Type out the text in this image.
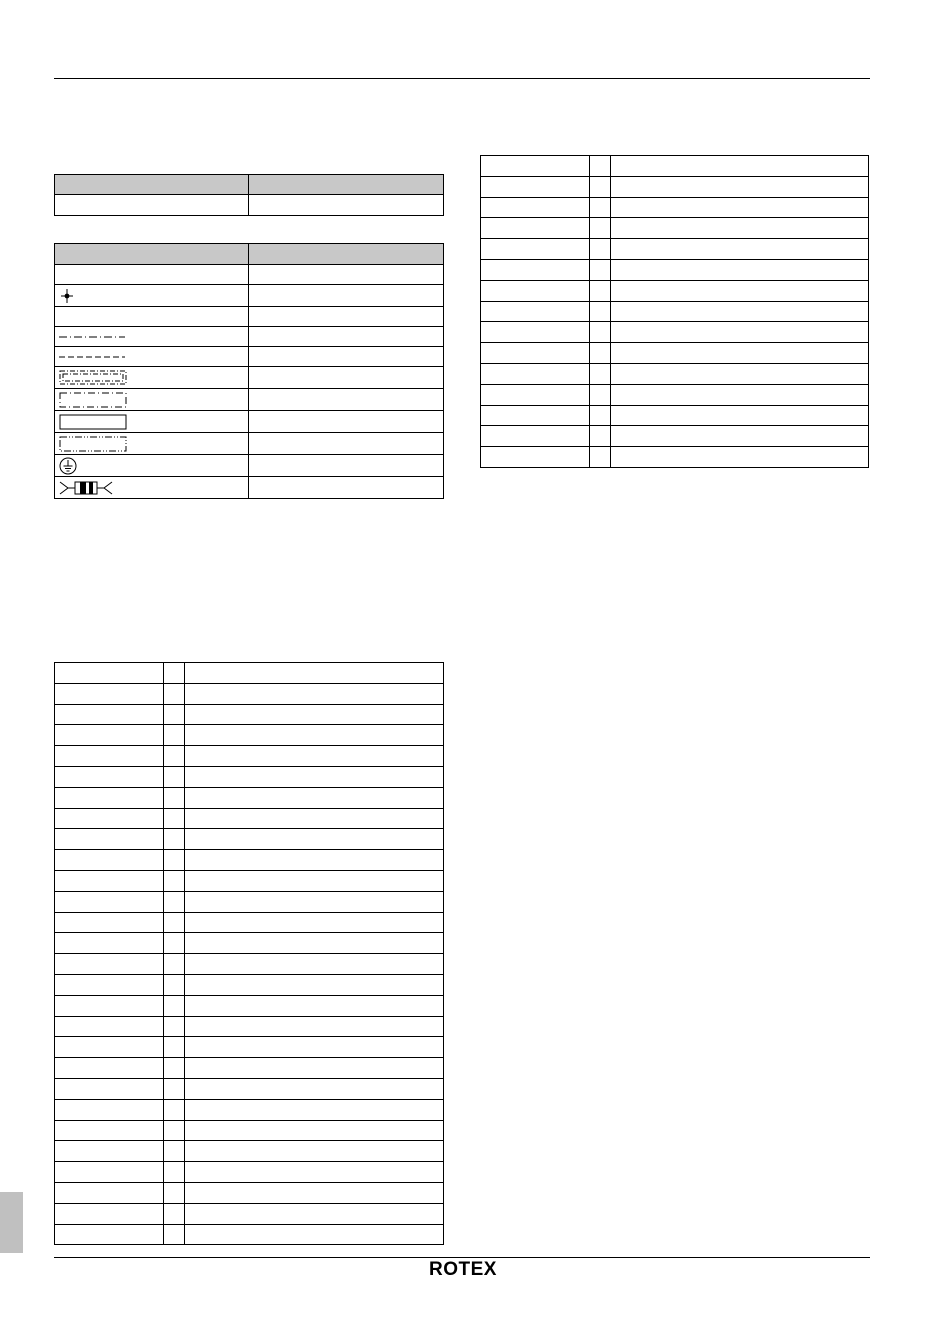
ROTEX
